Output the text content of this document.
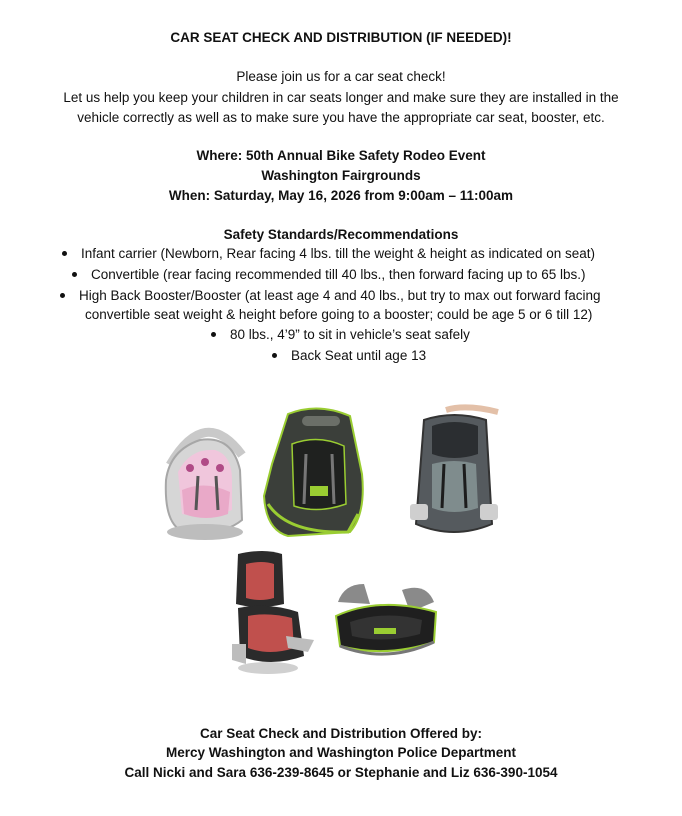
CAR SEAT CHECK AND DISTRIBUTION (IF NEEDED)!
Please join us for a car seat check!
Let us help you keep your children in car seats longer and make sure they are installed in the
vehicle correctly as well as to make sure you have the appropriate car seat, booster, etc.
Where: 50th Annual Bike Safety Rodeo Event
Washington Fairgrounds
When: Saturday, May 16, 2026 from 9:00am – 11:00am
Safety Standards/Recommendations
Infant carrier (Newborn, Rear facing 4 lbs. till the weight & height as indicated on seat)
Convertible (rear facing recommended till 40 lbs., then forward facing up to 65 lbs.)
High Back Booster/Booster (at least age 4 and 40 lbs., but try to max out forward facing
convertible seat weight & height before going to a booster; could be age 5 or 6 till 12)
80 lbs., 4’9” to sit in vehicle’s seat safely
Back Seat until age 13
Car Seat Check and Distribution Offered by:
Mercy Washington and Washington Police Department
Call Nicki and Sara 636-239-8645 or Stephanie and Liz 636-390-1054
